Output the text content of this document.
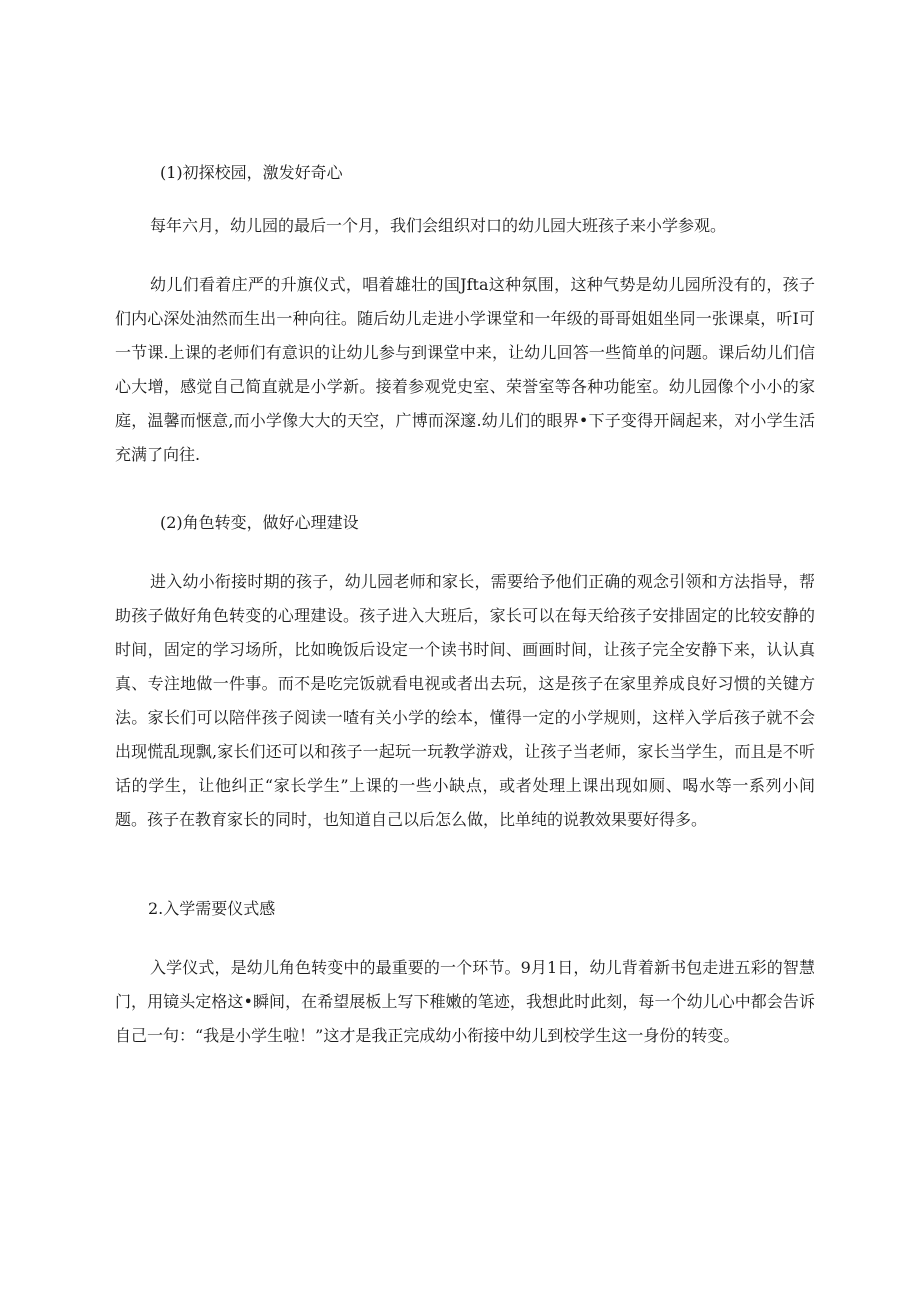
(1)初探校园，激发好奇心

每年六月，幼儿园的最后一个月，我们会组织对口的幼儿园大班孩子来小学参观。

幼儿们看着庄严的升旗仪式，唱着雄壮的国Jfta这种氛围，这种气势是幼儿园所没有的，孩子们内心深处油然而生出一种向往。随后幼儿走进小学课堂和一年级的哥哥姐姐坐同一张课桌，听I可一节课.上课的老师们有意识的让幼儿参与到课堂中来，让幼儿回答一些简单的问题。课后幼儿们信心大增，感觉自己简直就是小学新。接着参观党史室、荣誉室等各种功能室。幼儿园像个小小的家庭，温馨而惬意,而小学像大大的天空，广博而深邃.幼儿们的眼界•下子变得开阔起来，对小学生活充满了向往.

(2)角色转变，做好心理建设

进入幼小衔接时期的孩子，幼儿园老师和家长，需要给予他们正确的观念引领和方法指导，帮助孩子做好角色转变的心理建设。孩子进入大班后，家长可以在每天给孩子安排固定的比较安静的时间，固定的学习场所，比如晚饭后设定一个读书时间、画画时间，让孩子完全安静下来，认认真真、专注地做一件事。而不是吃完饭就看电视或者出去玩，这是孩子在家里养成良好习惯的关键方法。家长们可以陪伴孩子阅读一喳有关小学的绘本，懂得一定的小学规则，这样入学后孩子就不会出现慌乱现飘,家长们还可以和孩子一起玩一玩教学游戏，让孩子当老师，家长当学生，而且是不听话的学生，让他纠正“家长学生”上课的一些小缺点，或者处理上课出现如厕、喝水等一系列小间题。孩子在教育家长的同时，也知道自己以后怎么做，比单纯的说教效果要好得多。

2.入学需要仪式感

入学仪式，是幼儿角色转变中的最重要的一个环节。9月1日，幼儿背着新书包走进五彩的智慧门，用镜头定格这•瞬间，在希望展板上写下稚嫩的笔迹，我想此时此刻，每一个幼儿心中都会告诉自己一句：“我是小学生啦！”这才是我正完成幼小衔接中幼儿到校学生这一身份的转变。
